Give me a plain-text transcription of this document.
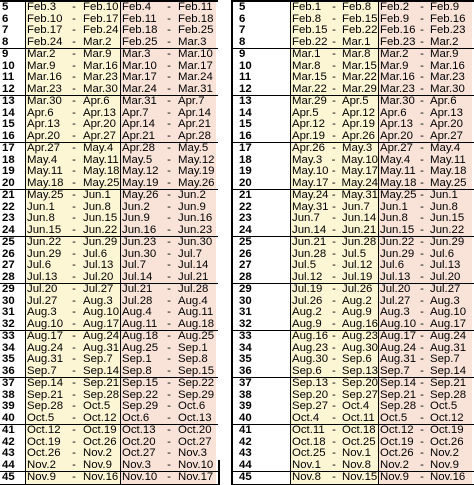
5	Feb.3	- Feb.10 Feb.4	- Feb.11
6	Feb.10 - Feb.17 Feb.11 - Feb.18
7	Feb.17 - Feb.24 Feb.18 - Feb.25
8	Feb.24 - Mar.2 Feb.25 - Mar.3
9	Mar.2	- Mar.9 Mar.3	- Mar.10
10	Mar.9	- Mar.16 Mar.10 - Mar.17
11	Mar.16 - Mar.23 Mar.17 - Mar.24
12	Mar.23 - Mar.30 Mar.24 - Mar.31
13	Mar.30 - Apr.6 Mar.31 - Apr.7
14	Apr.6	- Apr.13 Apr.7	- Apr.14
15	Apr.13	- Apr.20 Apr.14	- Apr.21
16	Apr.20	- Apr.27 Apr.21	- Apr.28
17	Apr.27	- May.4 Apr.28	- May.5
18	May.4	- May.11 May.5	- May.12
19	May.11 - May.18 May.12 - May.19
20	May.18 - May.25 May.19 - May.26
21	May.25 - Jun.1 May.26 - Jun.2
22	Jun.1	- Jun.8 Jun.2	- Jun.9
23	Jun.8	- Jun.15 Jun.9	- Jun.16
24	Jun.15 - Jun.22 Jun.16 - Jun.23
25	Jun.22 - Jun.29 Jun.23 - Jun.30
26	Jun.29 - Jul.6 Jun.30 - Jul.7
27	Jul.6	- Jul.13 Jul.7	- Jul.14
28	Jul.13	- Jul.20 Jul.14	- Jul.21
29	Jul.20	- Jul.27 Jul.21	- Jul.28
30	Jul.27	- Aug.3 Jul.28	- Aug.4
31	Aug.3	- Aug.10 Aug.4	- Aug.11
32	Aug.10 - Aug.17 Aug.11 - Aug.18
33	Aug.17 - Aug.24 Aug.18 - Aug.25
34	Aug.24 - Aug.31 Aug.25 - Sep.1
35	Aug.31 - Sep.7 Sep.1	- Sep.8
36	Sep.7	- Sep.14 Sep.8	- Sep.15
37	Sep.14 - Sep.21 Sep.15 - Sep.22
38	Sep.21 - Sep.28 Sep.22 - Sep.29
39	Sep.28 - Oct.5 Sep.29 - Oct.6
40	Oct.5	- Oct.12 Oct.6	- Oct.13
41	Oct.12	- Oct.19 Oct.13	- Oct.20
42	Oct.19	- Oct.26 Oct.20	- Oct.27
43	Oct.26	- Nov.2 Oct.27	- Nov.3
44	Nov.2	- Nov.9 Nov.3	- Nov.10
45	Nov.9	- Nov.16 Nov.10 - Nov.17
5	Feb.1 - Feb.8 Feb.2 - Feb.9
6	Feb.8 - Feb.15 Feb.9 - Feb.16
7	Feb.15 - Feb.22 Feb.16 - Feb.23
8	Feb.22 - Mar.1 Feb.23 - Mar.2
9	Mar.1	- Mar.8 Mar.2	- Mar.9
10	Mar.8	- Mar.15 Mar.9	- Mar.16
11	Mar.15 - Mar.22 Mar.16 - Mar.23
12	Mar.22 - Mar.29 Mar.23 - Mar.30
13	Mar.29 - Apr.5 Mar.30 - Apr.6
14	Apr.5	- Apr.12 Apr.6	- Apr.13
15	Apr.12 - Apr.19 Apr.13 - Apr.20
16	Apr.19 - Apr.26 Apr.20 - Apr.27
17	Apr.26 - May.3 Apr.27 - May.4
18	May.3 - May.10 May.4 - May.11
19	May.10 - May.17 May.11 - May.18
20	May.17 - May.24 May.18 - May.25
21	May.24 - May.31 May.25 - Jun.1
22	May.31 - Jun.7 Jun.1	- Jun.8
23	Jun.7	- Jun.14 Jun.8	- Jun.15
24	Jun.14 - Jun.21 Jun.15 - Jun.22
25	Jun.21 - Jun.28 Jun.22 - Jun.29
26	Jun.28 - Jul.5 Jun.29 - Jul.6
27	Jul.5	- Jul.12 Jul.6	- Jul.13
28	Jul.12 - Jul.19 Jul.13 - Jul.20
29	Jul.19 - Jul.26 Jul.20 - Jul.27
30	Jul.26 - Aug.2 Jul.27 - Aug.3
31	Aug.2 - Aug.9 Aug.3 - Aug.10
32	Aug.9 - Aug.16 Aug.10 - Aug.17
33	Aug.16 - Aug.23 Aug.17 - Aug.24
34	Aug.23 - Aug.30 Aug.24 - Aug.31
35	Aug.30 - Sep.6 Aug.31 - Sep.7
36	Sep.6 - Sep.13 Sep.7 - Sep.14
37	Sep.13 - Sep.20 Sep.14 - Sep.21
38	Sep.20 - Sep.27 Sep.21 - Sep.28
39	Sep.27 - Oct.4 Sep.28 - Oct.5
40	Oct.4	- Oct.11 Oct.5	- Oct.12
41	Oct.11 - Oct.18 Oct.12 - Oct.19
42	Oct.18 - Oct.25 Oct.19 - Oct.26
43	Oct.25 - Nov.1 Oct.26 - Nov.2
44	Nov.1 - Nov.8 Nov.2 - Nov.9
45	Nov.8 - Nov.15 Nov.9 - Nov.16
